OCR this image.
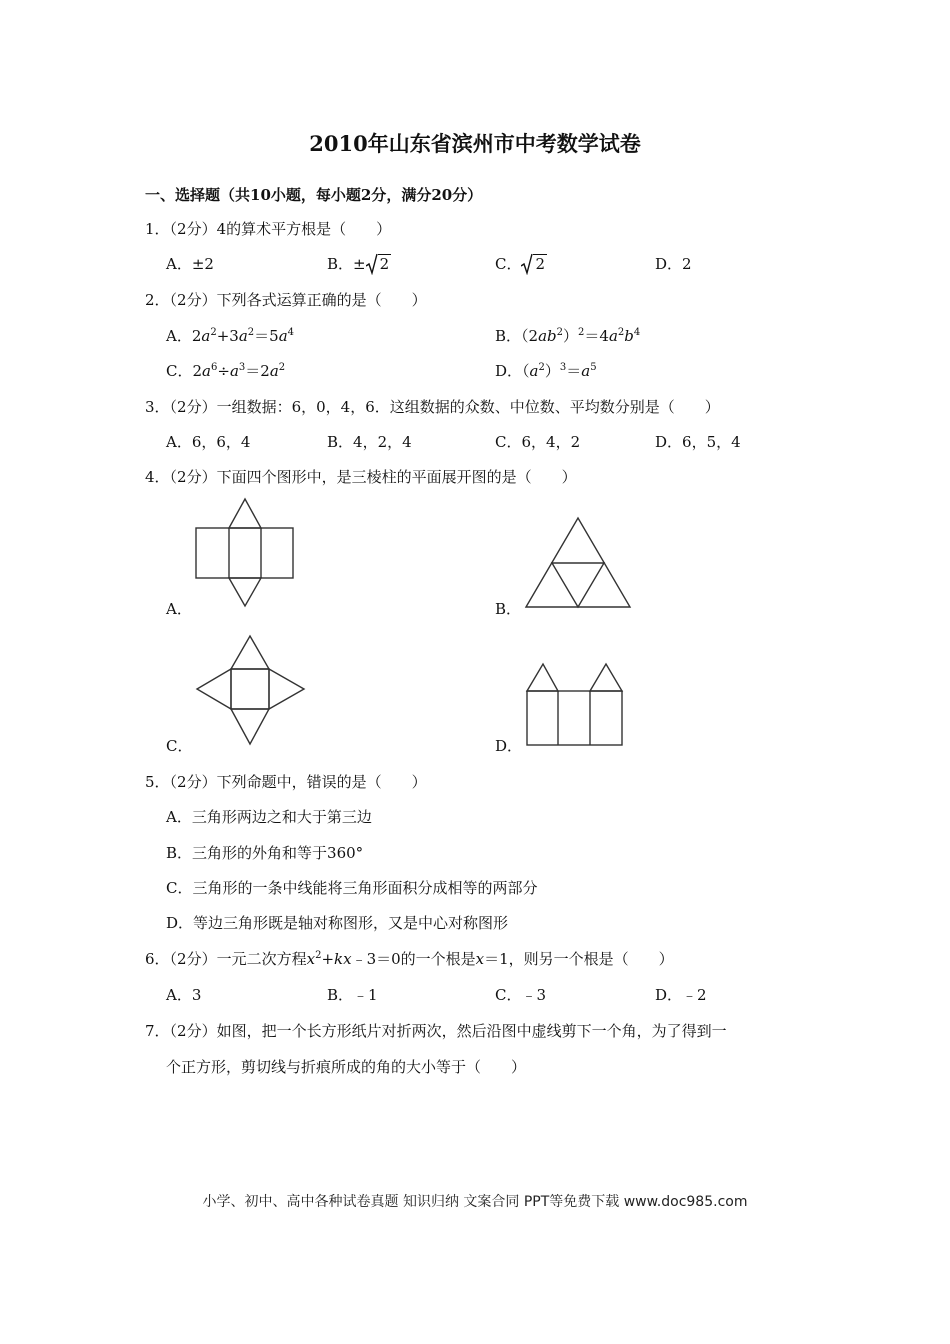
2010年山东省滨州市中考数学试卷
一、选择题（共10小题，每小题2分，满分20分）
1．（2分）4的算术平方根是（　　）
A．±2	B．± 2	C． 2	D．2
2．（2分）下列各式运算正确的是（　　）
A．$2a^2+3a^2=5a^4$	B．$(2ab^2)^2=4a^2b^4$
C．$2a^6\div a^3=2a^2$	D．$(a^2)^3=a^5$
3．（2分）一组数据：6，0，4，6．这组数据的众数、中位数、平均数分别是（　　）
A．6，6，4	B．4，2，4	C．6，4，2	D．6，5，4
4．（2分）下面四个图形中，是三棱柱的平面展开图的是（　　）
A．	B．
C．	D．
5．（2分）下列命题中，错误的是（　　）
A．三角形两边之和大于第三边
B．三角形的外角和等于360°
C．三角形的一条中线能将三角形面积分成相等的两部分
D．等边三角形既是轴对称图形，又是中心对称图形
6．（2分）一元二次方程$x^2+kx﹣3=0$的一个根是x＝1，则另一个根是（　　）
A．3	B．﹣1	C．﹣3	D．﹣2
7．（2分）如图，把一个长方形纸片对折两次，然后沿图中虚线剪下一个角，为了得到一
个正方形，剪切线与折痕所成的角的大小等于（　　）
小学、初中、高中各种试卷真题 知识归纳 文案合同 PPT等免费下载 www.doc985.com
